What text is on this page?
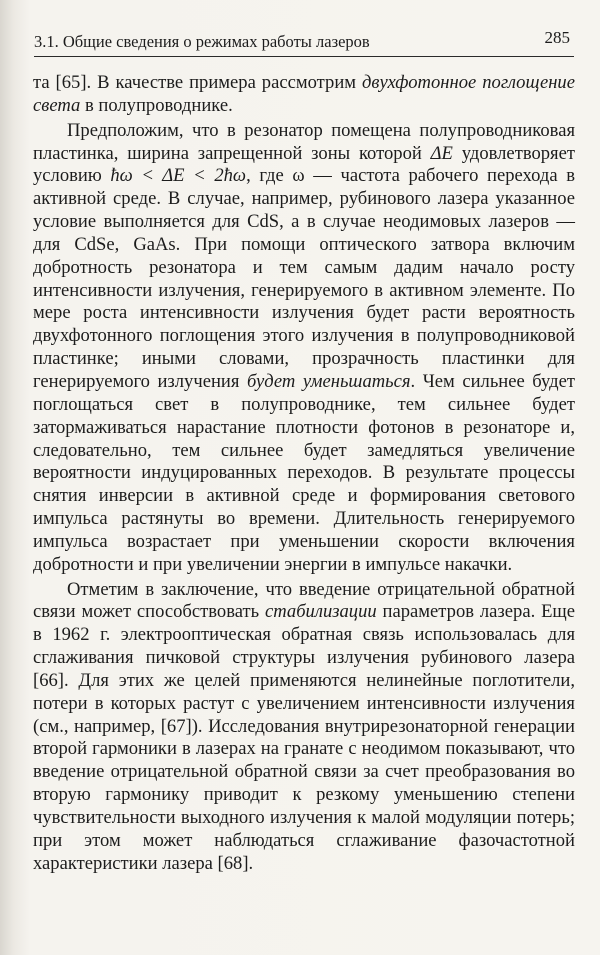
3.1. Общие сведения о режимах работы лазеров	285

та [65]. В качестве примера рассмотрим двухфотонное поглощение света в полупроводнике.

Предположим, что в резонатор помещена полупроводниковая пластинка, ширина запрещенной зоны которой ΔE удовлетворяет условию ħω < ΔE < 2ħω, где ω — частота рабочего перехода в активной среде. В случае, например, рубинового лазера указанное условие выполняется для CdS, а в случае неодимовых лазеров — для CdSe, GaAs. При помощи оптического затвора включим добротность резонатора и тем самым дадим начало росту интенсивности излучения, генерируемого в активном элементе. По мере роста интенсивности излучения будет расти вероятность двухфотонного поглощения этого излучения в полупроводниковой пластинке; иными словами, прозрачность пластинки для генерируемого излучения будет уменьшаться. Чем сильнее будет поглощаться свет в полупроводнике, тем сильнее будет затормаживаться нарастание плотности фотонов в резонаторе и, следовательно, тем сильнее будет замедляться увеличение вероятности индуцированных переходов. В результате процессы снятия инверсии в активной среде и формирования светового импульса растянуты во времени. Длительность генерируемого импульса возрастает при уменьшении скорости включения добротности и при увеличении энергии в импульсе накачки.

Отметим в заключение, что введение отрицательной обратной связи может способствовать стабилизации параметров лазера. Еще в 1962 г. электрооптическая обратная связь использовалась для сглаживания пичковой структуры излучения рубинового лазера [66]. Для этих же целей применяются нелинейные поглотители, потери в которых растут с увеличением интенсивности излучения (см., например, [67]). Исследования внутрирезонаторной генерации второй гармоники в лазерах на гранате с неодимом показывают, что введение отрицательной обратной связи за счет преобразования во вторую гармонику приводит к резкому уменьшению степени чувствительности выходного излучения к малой модуляции потерь; при этом может наблюдаться сглаживание фазочастотной характеристики лазера [68].
